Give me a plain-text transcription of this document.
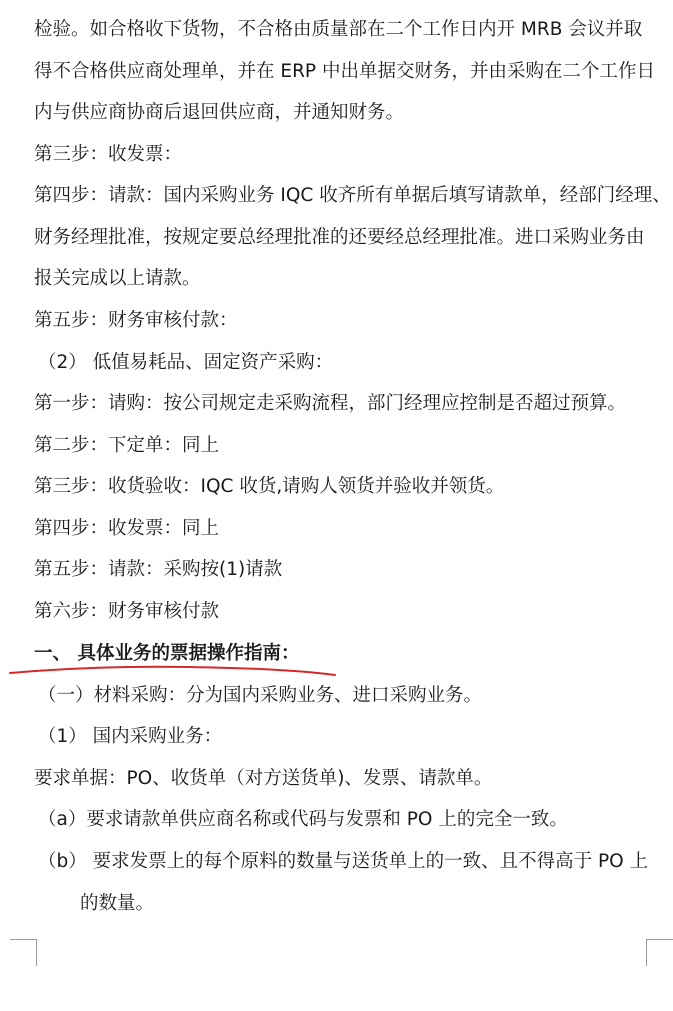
检验。如合格收下货物，不合格由质量部在二个工作日内开 MRB 会议并取
得不合格供应商处理单，并在 ERP 中出单据交财务，并由采购在二个工作日
内与供应商协商后退回供应商，并通知财务。
第三步：收发票：
第四步：请款：国内采购业务 IQC 收齐所有单据后填写请款单，经部门经理、
财务经理批准，按规定要总经理批准的还要经总经理批准。进口采购业务由
报关完成以上请款。
第五步：财务审核付款：
（2） 低值易耗品、固定资产采购：
第一步：请购：按公司规定走采购流程，部门经理应控制是否超过预算。
第二步：下定单：同上
第三步：收货验收：IQC 收货,请购人领货并验收并领货。
第四步：收发票：同上
第五步：请款：采购按(1)请款
第六步：财务审核付款
一、 具体业务的票据操作指南：
（一）材料采购：分为国内采购业务、进口采购业务。
（1） 国内采购业务：
要求单据：PO、收货单（对方送货单)、发票、请款单。
（a）要求请款单供应商名称或代码与发票和 PO 上的完全一致。
（b） 要求发票上的每个原料的数量与送货单上的一致、且不得高于 PO 上
的数量。
